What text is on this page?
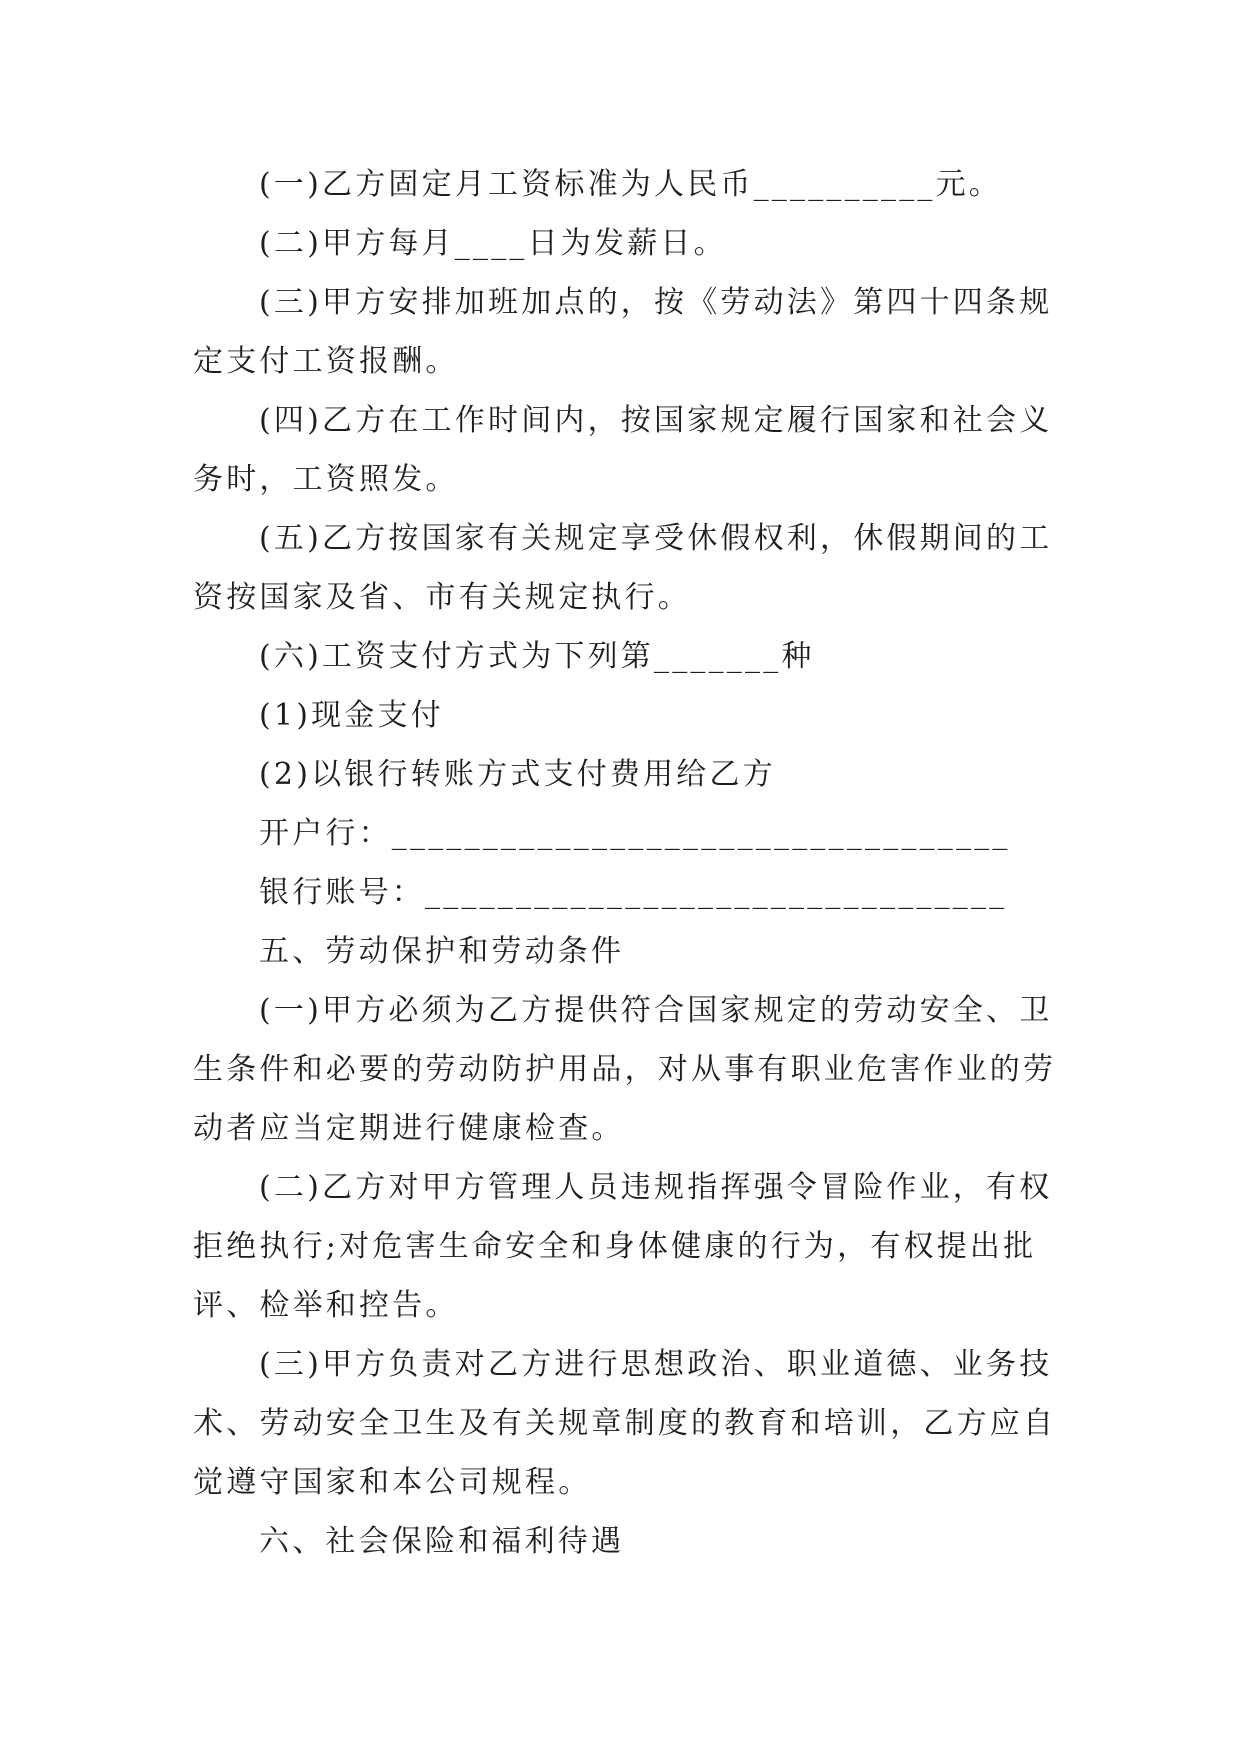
(一)乙方固定月工资标准为人民币__________元。
(二)甲方每月____日为发薪日。
(三)甲方安排加班加点的，按《劳动法》第四十四条规
定支付工资报酬。
(四)乙方在工作时间内，按国家规定履行国家和社会义
务时，工资照发。
(五)乙方按国家有关规定享受休假权利，休假期间的工
资按国家及省、市有关规定执行。
(六)工资支付方式为下列第_______种
(1)现金支付
(2)以银行转账方式支付费用给乙方
开户行：__________________________________
银行账号：________________________________
五、劳动保护和劳动条件
(一)甲方必须为乙方提供符合国家规定的劳动安全、卫
生条件和必要的劳动防护用品，对从事有职业危害作业的劳
动者应当定期进行健康检查。
(二)乙方对甲方管理人员违规指挥强令冒险作业，有权
拒绝执行;对危害生命安全和身体健康的行为，有权提出批
评、检举和控告。
(三)甲方负责对乙方进行思想政治、职业道德、业务技
术、劳动安全卫生及有关规章制度的教育和培训，乙方应自
觉遵守国家和本公司规程。
六、社会保险和福利待遇
